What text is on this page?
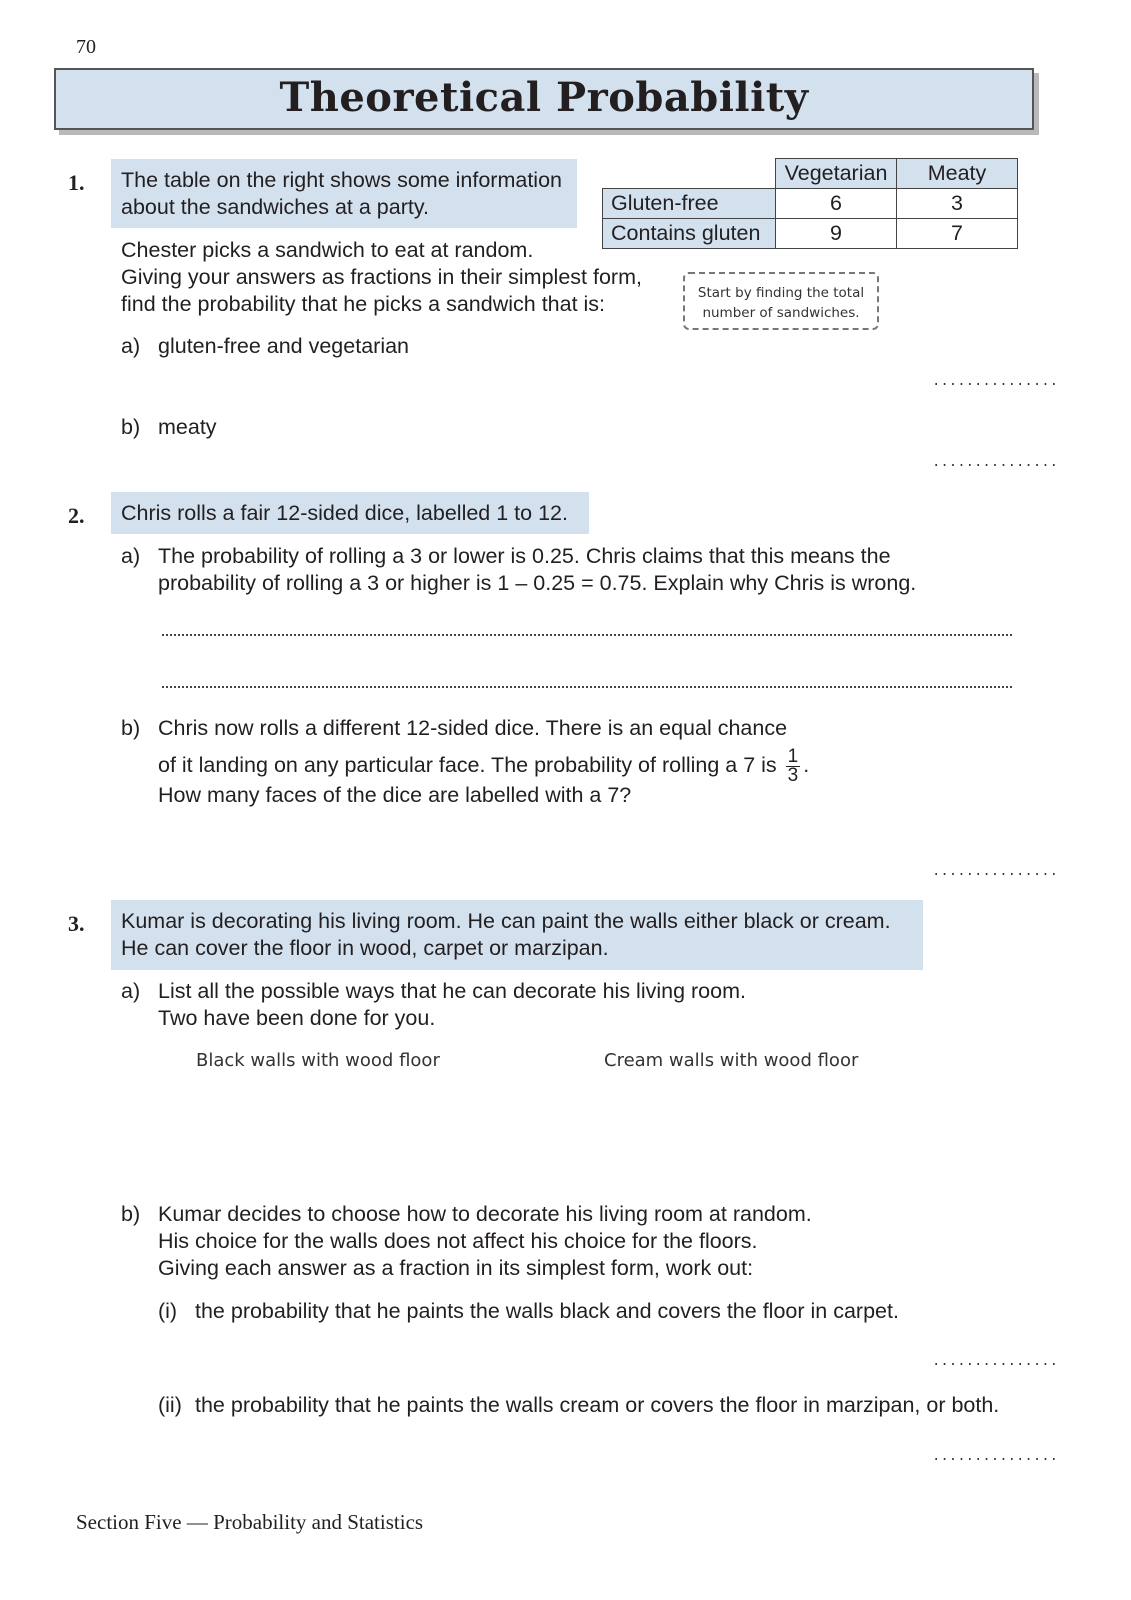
70
Theoretical Probability
1. The table on the right shows some information
about the sandwiches at a party.
Chester picks a sandwich to eat at random.
Giving your answers as fractions in their simplest form,
find the probability that he picks a sandwich that is:
	Vegetarian	Meaty
Gluten-free	6	3
Contains gluten	9	7
Start by finding the total
number of sandwiches.
a) gluten-free and vegetarian
...............
b) meaty
...............
2. Chris rolls a fair 12-sided dice, labelled 1 to 12.
a) The probability of rolling a 3 or lower is 0.25. Chris claims that this means the
probability of rolling a 3 or higher is 1 – 0.25 = 0.75. Explain why Chris is wrong.
b) Chris now rolls a different 12-sided dice. There is an equal chance
of it landing on any particular face. The probability of rolling a 7 is $\frac{1}{3}$ .
How many faces of the dice are labelled with a 7?
...............
3. Kumar is decorating his living room. He can paint the walls either black or cream.
He can cover the floor in wood, carpet or marzipan.
a) List all the possible ways that he can decorate his living room.
Two have been done for you.
Black walls with wood floor	Cream walls with wood floor
b) Kumar decides to choose how to decorate his living room at random.
His choice for the walls does not affect his choice for the floors.
Giving each answer as a fraction in its simplest form, work out:
(i) the probability that he paints the walls black and covers the floor in carpet.
...............
(ii) the probability that he paints the walls cream or covers the floor in marzipan, or both.
...............
Section Five — Probability and Statistics
